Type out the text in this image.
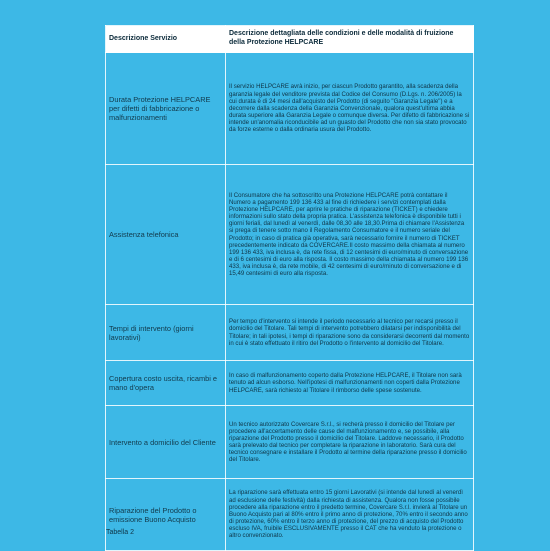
Descrizione Servizio	Descrizione dettagliata delle condizioni e delle modalità di fruizione della Protezione HELPCARE
Durata Protezione HELPCARE per difetti di fabbricazione o malfunzionamenti	Il servizio HELPCARE avrà inizio, per ciascun Prodotto garantito, alla scadenza della garanzia legale del venditore prevista dal Codice del Consumo (D.Lgs. n. 206/2005) la cui durata è di 24 mesi dall'acquisto del Prodotto (di seguito "Garanzia Legale") e a decorrere dalla scadenza della Garanzia Convenzionale, qualora quest'ultima abbia durata superiore alla Garanzia Legale o comunque diversa. Per difetto di fabbricazione si intende un'anomalia riconducibile ad un guasto del Prodotto che non sia stato provocato da forze esterne o dalla ordinaria usura del Prodotto.
Assistenza telefonica	Il Consumatore che ha sottoscritto una Protezione HELPCARE potrà contattare il Numero a pagamento 199 136 433 al fine di richiedere i servizi contemplati dalla Protezione HELPCARE, per aprire le pratiche di riparazione (TICKET) e chiedere informazioni sullo stato della propria pratica. L'assistenza telefonica è disponibile tutti i giorni feriali, dal lunedì al venerdì, dalle 08,30 alle 18,30.Prima di chiamare l'Assistenza si prega di tenere sotto mano il Regolamento Consumatore e il numero seriale del Prodotto; in caso di pratica già operativa, sarà necessario fornire il numero di TICKET precedentemente indicato da COVERCARE.Il costo massimo della chiamata al numero 199 136 433, iva inclusa è, da rete fissa, di 12 centesimi di euro/minuto di conversazione e di 6 centesimi di euro alla risposta. Il costo massimo della chiamata al numero 199 136 433, iva inclusa è, da rete mobile, di 42 centesimi di euro/minuto di conversazione e di 15,49 centesimi di euro alla risposta.
Tempi di intervento (giorni lavorativi)	Per tempo d'intervento si intende il periodo necessario al tecnico per recarsi presso il domicilio del Titolare. Tali tempi di intervento potrebbero dilatarsi per indisponibilità del Titolare; in tali ipotesi, i tempi di riparazione sono da considerarsi decorrenti dal momento in cui è stato effettuato il ritiro del Prodotto o l'intervento al domicilio del Titolare.
Copertura costo uscita, ricambi e mano d'opera	In caso di malfunzionamento coperto dalla Protezione HELPCARE, il Titolare non sarà tenuto ad alcun esborso. Nell'ipotesi di malfunzionamenti non coperti dalla Protezione HELPCARE, sarà richiesto al Titolare il rimborso delle spese sostenute.
Intervento a domicilio del Cliente	Un tecnico autorizzato Covercare S.r.l., si recherà presso il domicilio del Titolare per procedere all'accertamento delle cause del malfunzionamento e, se possibile, alla riparazione del Prodotto presso il domicilio del Titolare. Laddove necessario, il Prodotto sarà prelevato dal tecnico per completare la riparazione in laboratorio. Sarà cura del tecnico consegnare e installare il Prodotto al termine della riparazione presso il domicilio del Titolare.
Riparazione del Prodotto o emissione Buono Acquisto	La riparazione sarà effettuata entro 15 giorni Lavorativi (si intende dal lunedì al venerdì ad esclusione delle festività) dalla richiesta di assistenza. Qualora non fosse possibile procedere alla riparazione entro il predetto termine, Covercare S.r.l. invierà al Titolare un Buono Acquisto pari al 80% entro il primo anno di protezione, 70% entro il secondo anno di protezione, 60% entro il terzo anno di protezione, del prezzo di acquisto del Prodotto escluso IVA, fruibile ESCLUSIVAMENTE presso il CAT che ha venduto la protezione o altro convenzionato.
Tabella 2
